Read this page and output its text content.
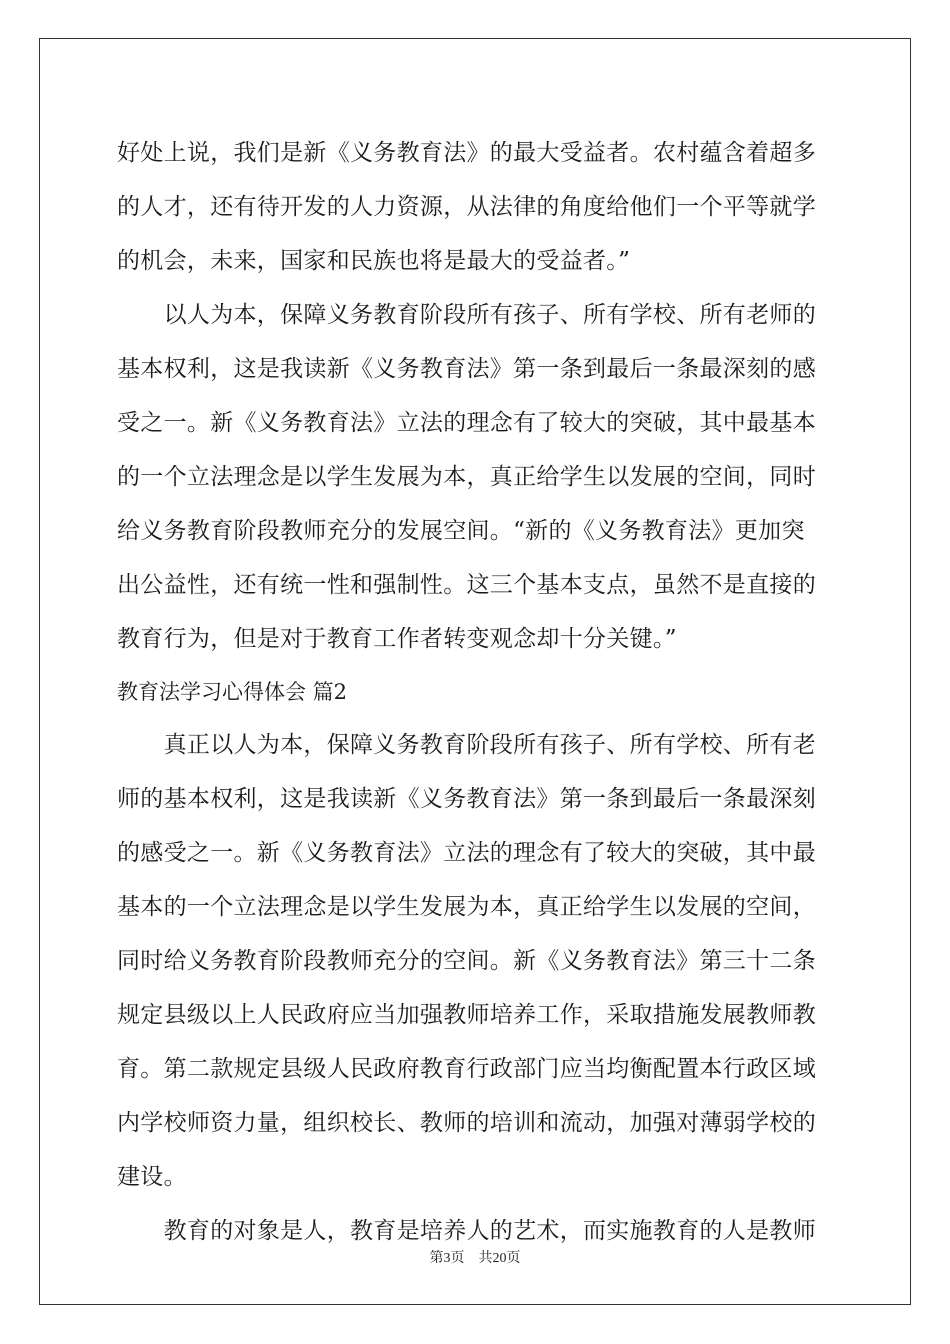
好处上说，我们是新《义务教育法》的最大受益者。农村蕴含着超多
的人才，还有待开发的人力资源，从法律的角度给他们一个平等就学
的机会，未来，国家和民族也将是最大的受益者。”
　　以人为本，保障义务教育阶段所有孩子、所有学校、所有老师的
基本权利，这是我读新《义务教育法》第一条到最后一条最深刻的感
受之一。新《义务教育法》立法的理念有了较大的突破，其中最基本
的一个立法理念是以学生发展为本，真正给学生以发展的空间，同时
给义务教育阶段教师充分的发展空间。“新的《义务教育法》更加突
出公益性，还有统一性和强制性。这三个基本支点，虽然不是直接的
教育行为，但是对于教育工作者转变观念却十分关键。”
教育法学习心得体会 篇2
　　真正以人为本，保障义务教育阶段所有孩子、所有学校、所有老
师的基本权利，这是我读新《义务教育法》第一条到最后一条最深刻
的感受之一。新《义务教育法》立法的理念有了较大的突破，其中最
基本的一个立法理念是以学生发展为本，真正给学生以发展的空间，
同时给义务教育阶段教师充分的空间。新《义务教育法》第三十二条
规定县级以上人民政府应当加强教师培养工作，采取措施发展教师教
育。第二款规定县级人民政府教育行政部门应当均衡配置本行政区域
内学校师资力量，组织校长、教师的培训和流动，加强对薄弱学校的
建设。
　　教育的对象是人，教育是培养人的艺术，而实施教育的人是教师
第3页 共20页
